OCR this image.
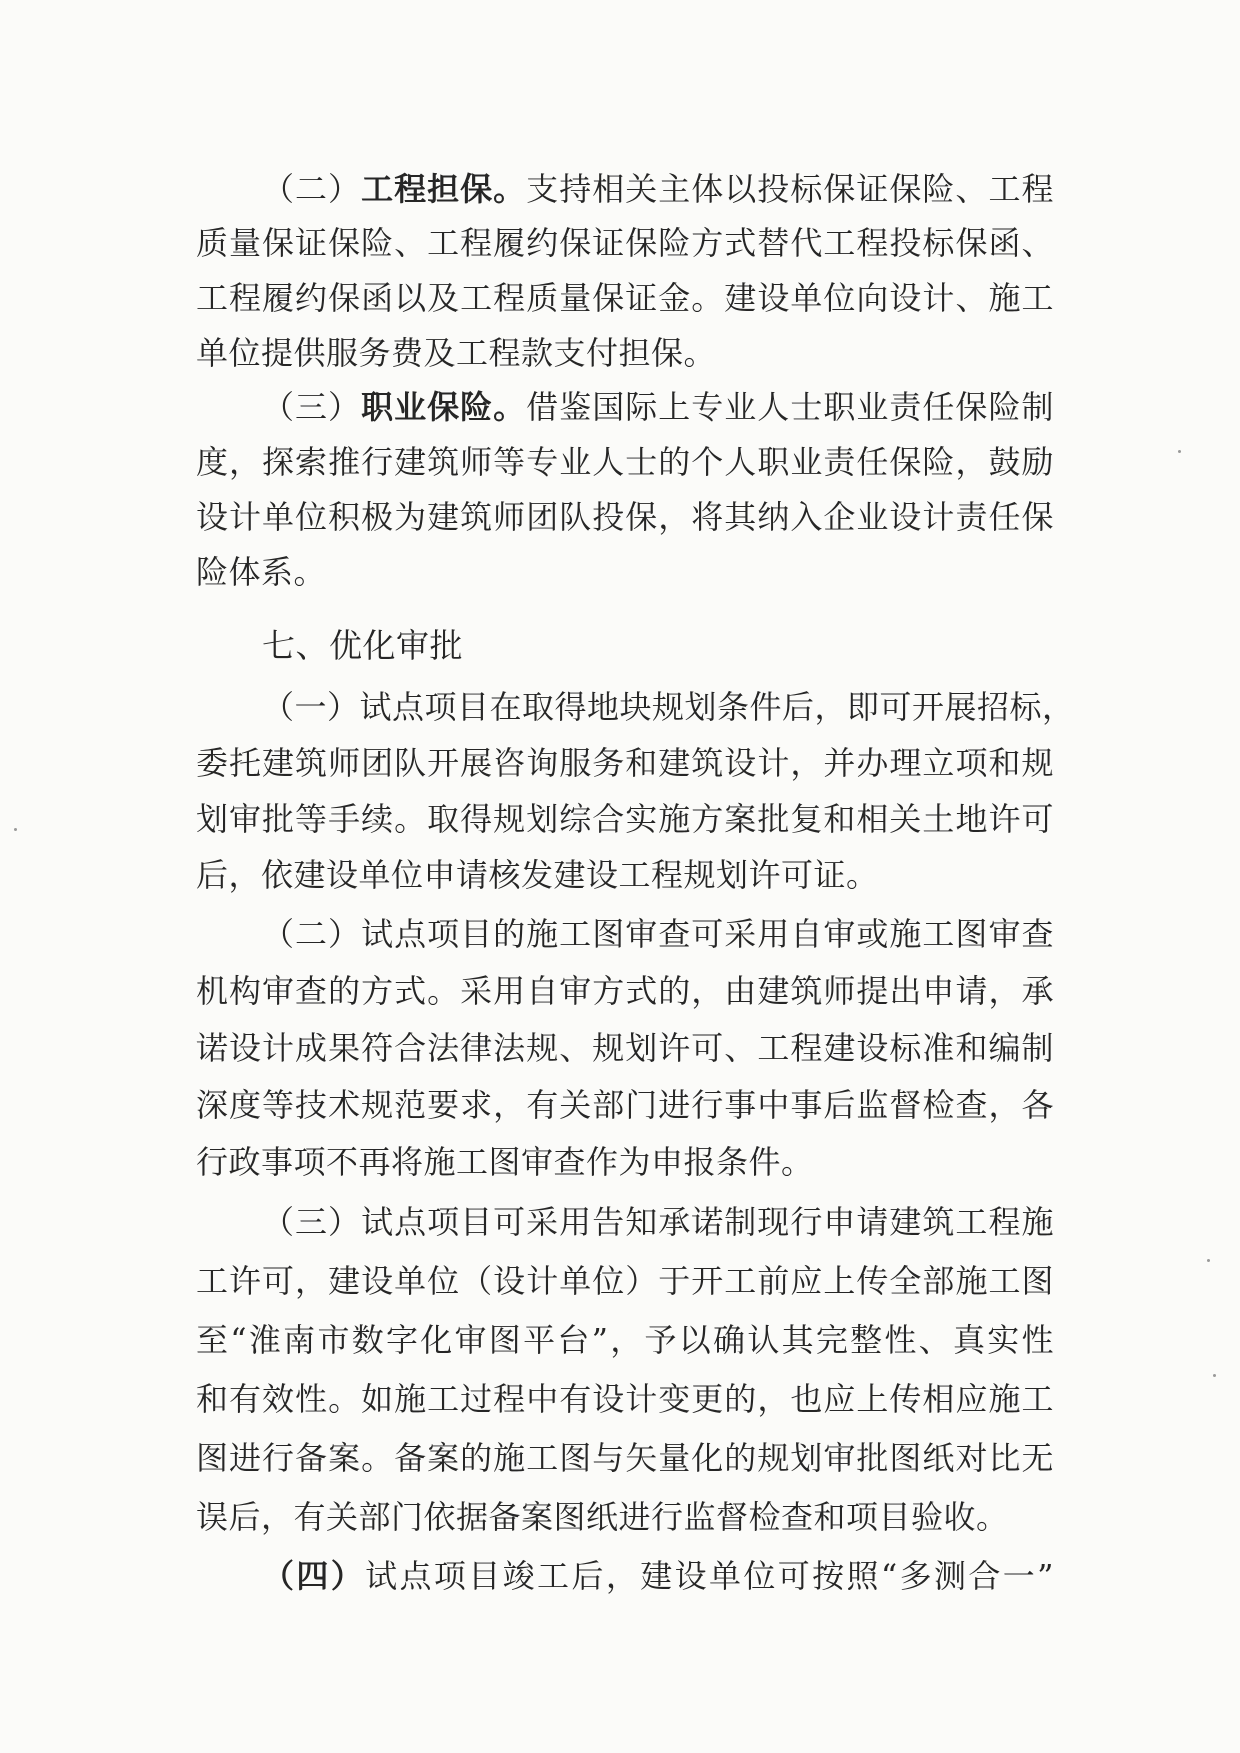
（二）工程担保。支持相关主体以投标保证保险、工程
质量保证保险、工程履约保证保险方式替代工程投标保函、
工程履约保函以及工程质量保证金。建设单位向设计、施工
单位提供服务费及工程款支付担保。
（三）职业保险。借鉴国际上专业人士职业责任保险制
度，探索推行建筑师等专业人士的个人职业责任保险，鼓励
设计单位积极为建筑师团队投保，将其纳入企业设计责任保
险体系。
七、优化审批
（一）试点项目在取得地块规划条件后，即可开展招标，
委托建筑师团队开展咨询服务和建筑设计，并办理立项和规
划审批等手续。取得规划综合实施方案批复和相关土地许可
后，依建设单位申请核发建设工程规划许可证。
（二）试点项目的施工图审查可采用自审或施工图审查
机构审查的方式。采用自审方式的，由建筑师提出申请，承
诺设计成果符合法律法规、规划许可、工程建设标准和编制
深度等技术规范要求，有关部门进行事中事后监督检查，各
行政事项不再将施工图审查作为申报条件。
（三）试点项目可采用告知承诺制现行申请建筑工程施
工许可，建设单位（设计单位）于开工前应上传全部施工图
至“淮南市数字化审图平台”，予以确认其完整性、真实性
和有效性。如施工过程中有设计变更的，也应上传相应施工
图进行备案。备案的施工图与矢量化的规划审批图纸对比无
误后，有关部门依据备案图纸进行监督检查和项目验收。
（四）试点项目竣工后，建设单位可按照“多测合一”
